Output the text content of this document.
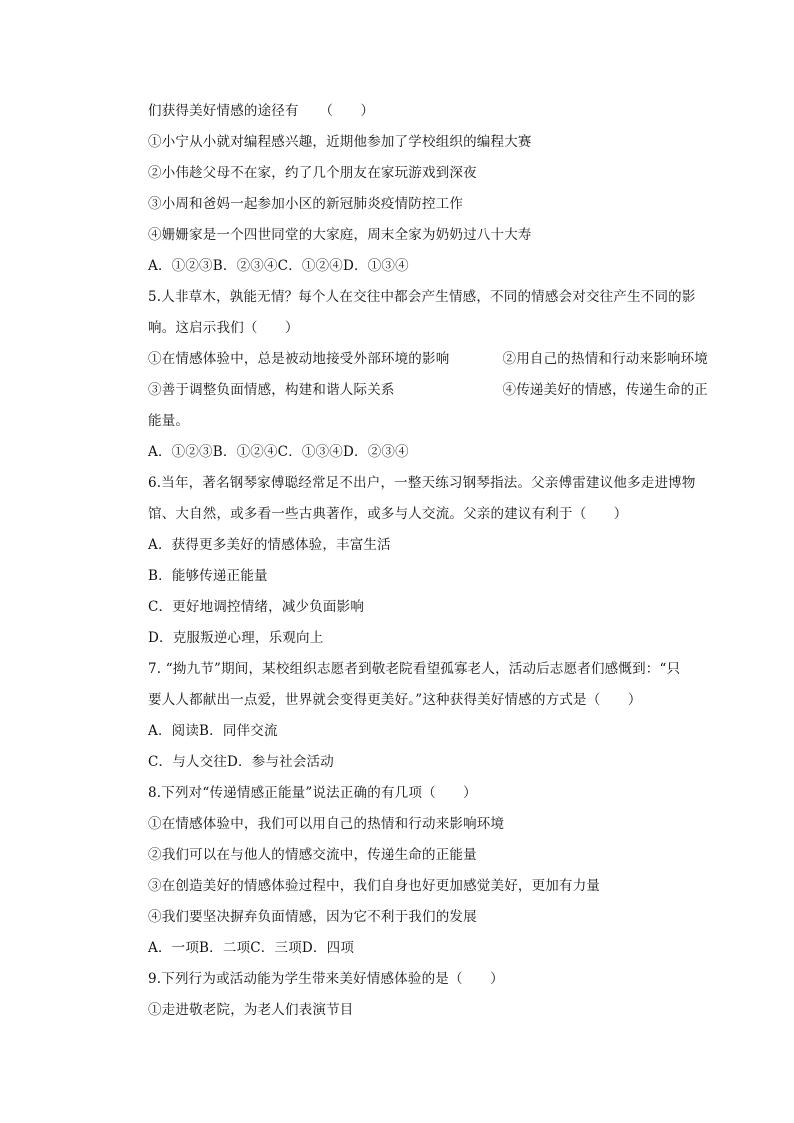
们获得美好情感的途径有　　（　　）
①小宁从小就对编程感兴趣，近期他参加了学校组织的编程大赛
②小伟趁父母不在家，约了几个朋友在家玩游戏到深夜
③小周和爸妈一起参加小区的新冠肺炎疫情防控工作
④姗姗家是一个四世同堂的大家庭，周末全家为奶奶过八十大寿
A．①②③B．②③④C．①②④D．①③④
5.人非草木，孰能无情？每个人在交往中都会产生情感，不同的情感会对交往产生不同的影
响。这启示我们（　　）
①在情感体验中，总是被动地接受外部环境的影响	②用自己的热情和行动来影响环境
③善于调整负面情感，构建和谐人际关系	④传递美好的情感，传递生命的正
能量。
A．①②③B．①②④C．①③④D．②③④
6.当年，著名钢琴家傅聪经常足不出户，一整天练习钢琴指法。父亲傅雷建议他多走进博物
馆、大自然，或多看一些古典著作，或多与人交流。父亲的建议有利于（　　）
A．获得更多美好的情感体验，丰富生活
B．能够传递正能量
C．更好地调控情绪，减少负面影响
D．克服叛逆心理，乐观向上
7. “拗九节”期间，某校组织志愿者到敬老院看望孤寡老人，活动后志愿者们感慨到：“只
要人人都献出一点爱，世界就会变得更美好。”这种获得美好情感的方式是（　　）
A．阅读B．同伴交流
C．与人交往D．参与社会活动
8.下列对“传递情感正能量”说法正确的有几项（　　）
①在情感体验中，我们可以用自己的热情和行动来影响环境
②我们可以在与他人的情感交流中，传递生命的正能量
③在创造美好的情感体验过程中，我们自身也好更加感觉美好，更加有力量
④我们要坚决摒弃负面情感，因为它不利于我们的发展
A．一项B．二项C．三项D．四项
9.下列行为或活动能为学生带来美好情感体验的是（　　）
①走进敬老院，为老人们表演节目
